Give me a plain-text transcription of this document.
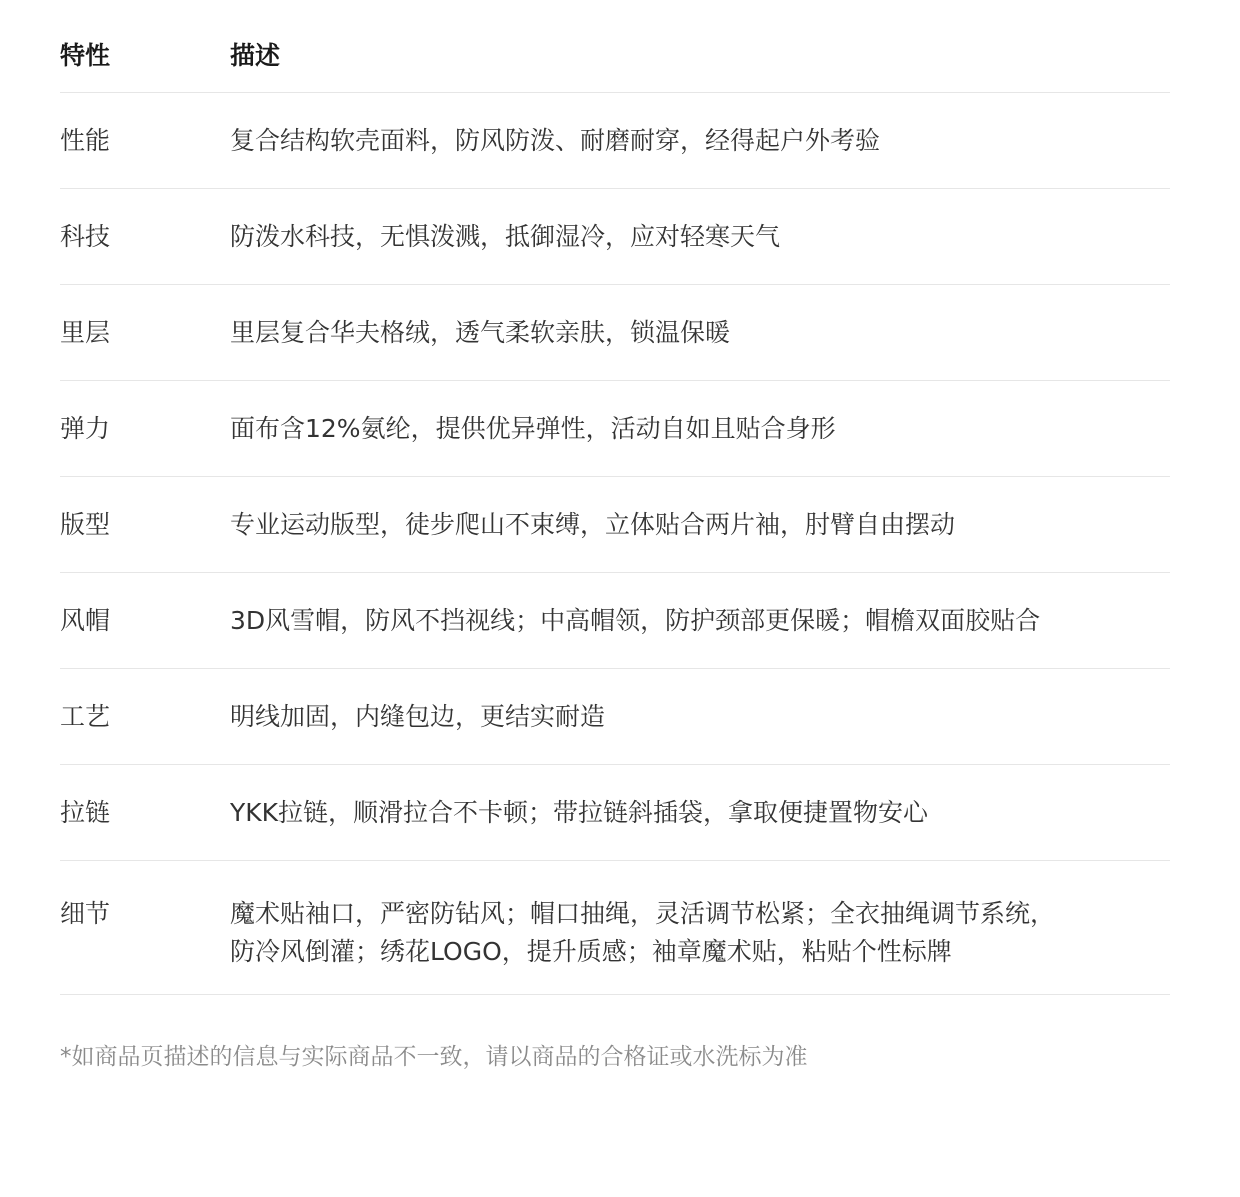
特性	描述
性能	复合结构软壳面料，防风防泼、耐磨耐穿，经得起户外考验
科技	防泼水科技，无惧泼溅，抵御湿冷，应对轻寒天气
里层	里层复合华夫格绒，透气柔软亲肤，锁温保暖
弹力	面布含12%氨纶，提供优异弹性，活动自如且贴合身形
版型	专业运动版型，徒步爬山不束缚，立体贴合两片袖，肘臂自由摆动
风帽	3D风雪帽，防风不挡视线；中高帽领，防护颈部更保暖；帽檐双面胶贴合
工艺	明线加固，内缝包边，更结实耐造
拉链	YKK拉链，顺滑拉合不卡顿；带拉链斜插袋，拿取便捷置物安心
细节	魔术贴袖口，严密防钻风；帽口抽绳，灵活调节松紧；全衣抽绳调节系统，
防冷风倒灌；绣花LOGO，提升质感；袖章魔术贴，粘贴个性标牌
*如商品页描述的信息与实际商品不一致，请以商品的合格证或水洗标为准
